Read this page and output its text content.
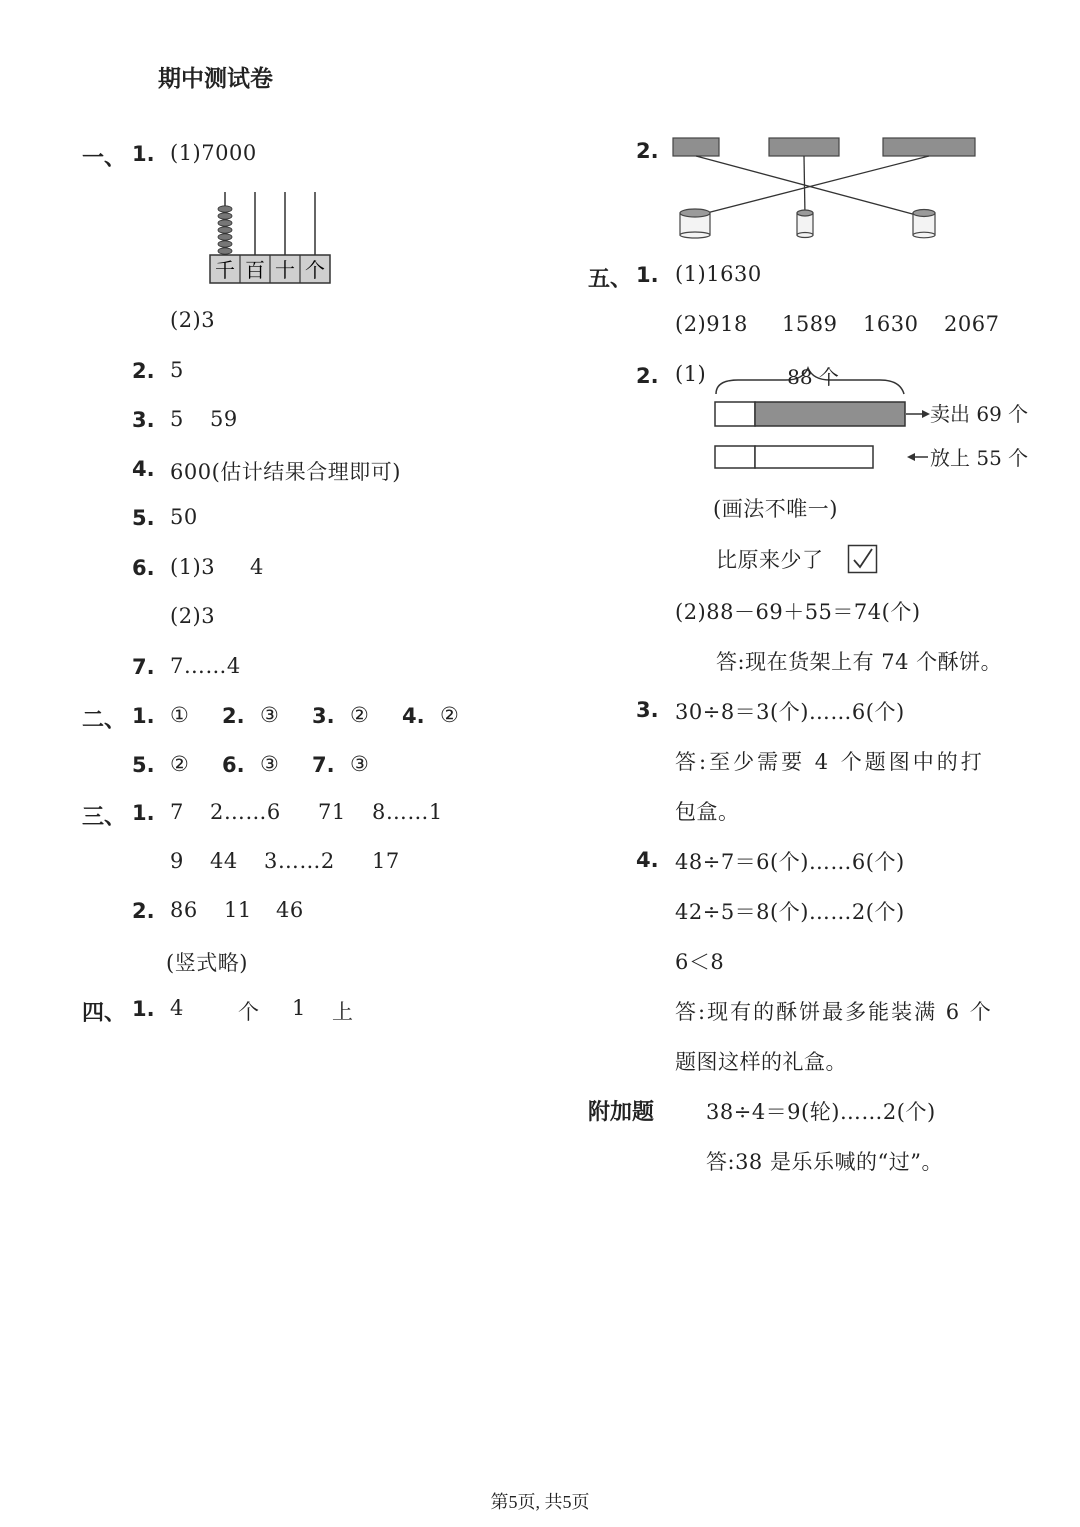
期中测试卷
一、 1. (1)7000
千 百 十 个
(2)3
2. 5
3. 5 59
4. 600(估计结果合理即可)
5. 50
6. (1)3 4
(2)3
7. 7……4
二、 1. ① 2. ③ 3. ② 4. ②
5. ② 6. ③ 7. ③
三、 1. 7 2……6 71 8……1
9 44 3……2 17
2. 86 11 46
(竖式略)
四、 1. 4	个 1 上
2.
五、 1. (1)1630
(2)918 1589 1630 2067
2. (1)	88 个
卖出 69 个
放上 55 个
(画法不唯一)
比原来少了
(2)88－69＋55＝74(个)
答:现在货架上有 74 个酥饼。
3. 30÷8＝3(个)……6(个)
答:至少需要 4 个题图中的打
包盒。
4. 48÷7＝6(个)……6(个)
42÷5＝8(个)……2(个)
6＜8
答:现有的酥饼最多能装满 6 个
题图这样的礼盒。
附加题 38÷4＝9(轮)……2(个)
答:38 是乐乐喊的“过”。
第5页, 共5页
